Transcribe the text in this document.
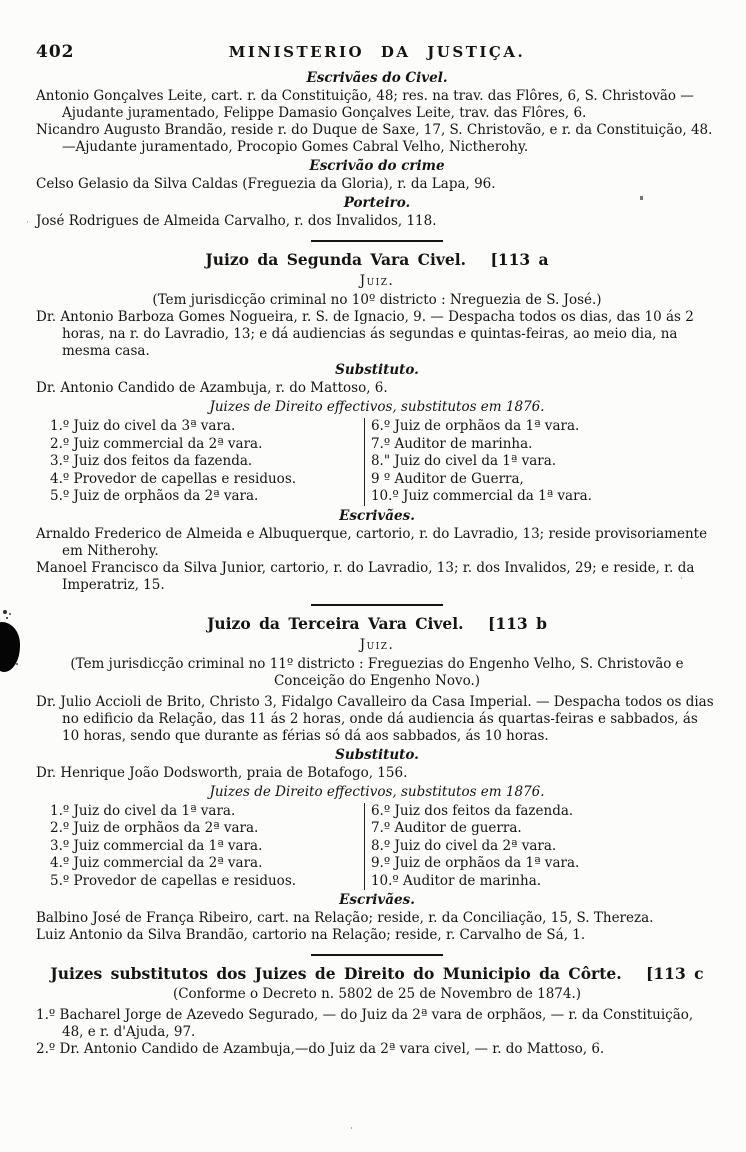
402	MINISTERIO DA JUSTIÇA.
Escrivães do Civel.
Antonio Gonçalves Leite, cart. r. da Constituição, 48; res. na trav. das Flôres, 6, S. Christovão —Ajudante juramentado, Felippe Damasio Gonçalves Leite, trav. das Flôres, 6.
Nicandro Augusto Brandão, reside r. do Duque de Saxe, 17, S. Christovão, e r. da Constituição, 48.—Ajudante juramentado, Procopio Gomes Cabral Velho, Nictherohy.
Escrivão do crime
Celso Gelasio da Silva Caldas (Freguezia da Gloria), r. da Lapa, 96.
Porteiro.
José Rodrigues de Almeida Carvalho, r. dos Invalidos, 118.
Juizo da Segunda Vara Civel. [113 a
Juiz.
(Tem jurisdicção criminal no 10º districto : Nreguezia de S. José.)
Dr. Antonio Barboza Gomes Nogueira, r. S. de Ignacio, 9. — Despacha todos os dias, das 10 ás 2 horas, na r. do Lavradio, 13; e dá audiencias ás segundas e quintas-feiras, ao meio dia, na mesma casa.
Substituto.
Dr. Antonio Candido de Azambuja, r. do Mattoso, 6.
Juizes de Direito effectivos, substitutos em 1876.
1.º Juiz do civel da 3ª vara.
2.º Juiz commercial da 2ª vara.
3.º Juiz dos feitos da fazenda.
4.º Provedor de capellas e residuos.
5.º Juiz de orphãos da 2ª vara.
6.º Juiz de orphãos da 1ª vara.
7.º Auditor de marinha.
8." Juiz do civel da 1ª vara.
9 º Auditor de Guerra,
10.º Juiz commercial da 1ª vara.
Escrivães.
Arnaldo Frederico de Almeida e Albuquerque, cartorio, r. do Lavradio, 13; reside provisoriamente em Nitherohy.
Manoel Francisco da Silva Junior, cartorio, r. do Lavradio, 13; r. dos Invalidos, 29; e reside, r. da Imperatriz, 15.
Juizo da Terceira Vara Civel. [113 b
Juiz.
(Tem jurisdicção criminal no 11º districto : Freguezias do Engenho Velho, S. Christovão e Conceição do Engenho Novo.)
Dr. Julio Accioli de Brito, Christo 3, Fidalgo Cavalleiro da Casa Imperial. — Despacha todos os dias no edificio da Relação, das 11 ás 2 horas, onde dá audiencia ás quartas-feiras e sabbados, ás 10 horas, sendo que durante as férias só dá aos sabbados, ás 10 horas.
Substituto.
Dr. Henrique João Dodsworth, praia de Botafogo, 156.
Juizes de Direito effectivos, substitutos em 1876.
1.º Juiz do civel da 1ª vara.
2.º Juiz de orphãos da 2ª vara.
3.º Juiz commercial da 1ª vara.
4.º Juiz commercial da 2ª vara.
5.º Provedor de capellas e residuos.
6.º Juiz dos feitos da fazenda.
7.º Auditor de guerra.
8.º Juiz do civel da 2ª vara.
9.º Juiz de orphãos da 1ª vara.
10.º Auditor de marinha.
Escrivães.
Balbino José de França Ribeiro, cart. na Relação; reside, r. da Conciliação, 15, S. Thereza.
Luiz Antonio da Silva Brandão, cartorio na Relação; reside, r. Carvalho de Sá, 1.
Juizes substitutos dos Juizes de Direito do Municipio da Côrte. [113 c
(Conforme o Decreto n. 5802 de 25 de Novembro de 1874.)
1.º Bacharel Jorge de Azevedo Segurado, — do Juiz da 2ª vara de orphãos, — r. da Constituição, 48, e r. d'Ajuda, 97.
2.º Dr. Antonio Candido de Azambuja,—do Juiz da 2ª vara civel, — r. do Mattoso, 6.
